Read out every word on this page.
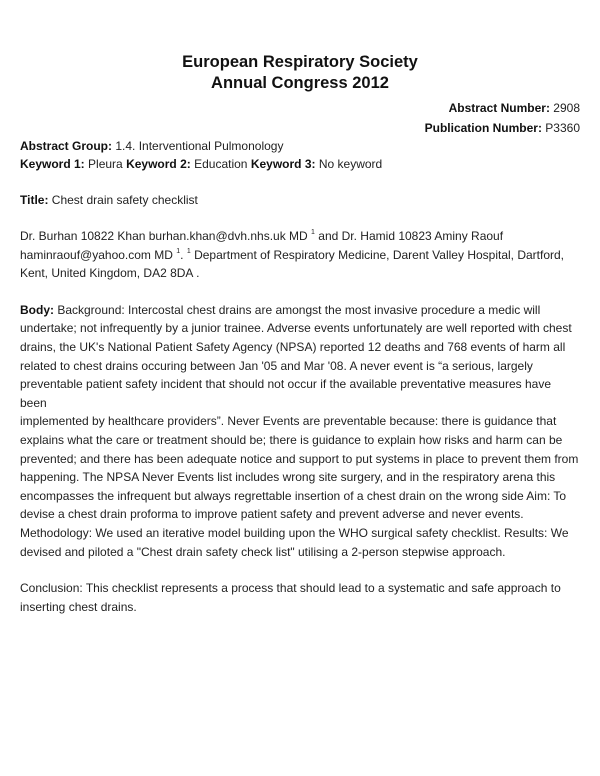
European Respiratory Society
Annual Congress 2012
Abstract Number: 2908
Publication Number: P3360
Abstract Group: 1.4. Interventional Pulmonology
Keyword 1: Pleura Keyword 2: Education Keyword 3: No keyword
Title: Chest drain safety checklist

Dr. Burhan 10822 Khan burhan.khan@dvh.nhs.uk MD $^1$ and Dr. Hamid 10823 Aminy Raouf
haminraouf@yahoo.com MD $^1$. $^1$ Department of Respiratory Medicine, Darent Valley Hospital, Dartford,
Kent, United Kingdom, DA2 8DA .

Body: Background: Intercostal chest drains are amongst the most invasive procedure a medic will
undertake; not infrequently by a junior trainee. Adverse events unfortunately are well reported with chest
drains, the UK's National Patient Safety Agency (NPSA) reported 12 deaths and 768 events of harm all
related to chest drains occuring between Jan '05 and Mar '08. A never event is “a serious, largely
preventable patient safety incident that should not occur if the available preventative measures have been
implemented by healthcare providers”. Never Events are preventable because: there is guidance that
explains what the care or treatment should be; there is guidance to explain how risks and harm can be
prevented; and there has been adequate notice and support to put systems in place to prevent them from
happening. The NPSA Never Events list includes wrong site surgery, and in the respiratory arena this
encompasses the infrequent but always regrettable insertion of a chest drain on the wrong side Aim: To
devise a chest drain proforma to improve patient safety and prevent adverse and never events.
Methodology: We used an iterative model building upon the WHO surgical safety checklist. Results: We
devised and piloted a "Chest drain safety check list" utilising a 2-person stepwise approach.

Conclusion: This checklist represents a process that should lead to a systematic and safe approach to
inserting chest drains.
